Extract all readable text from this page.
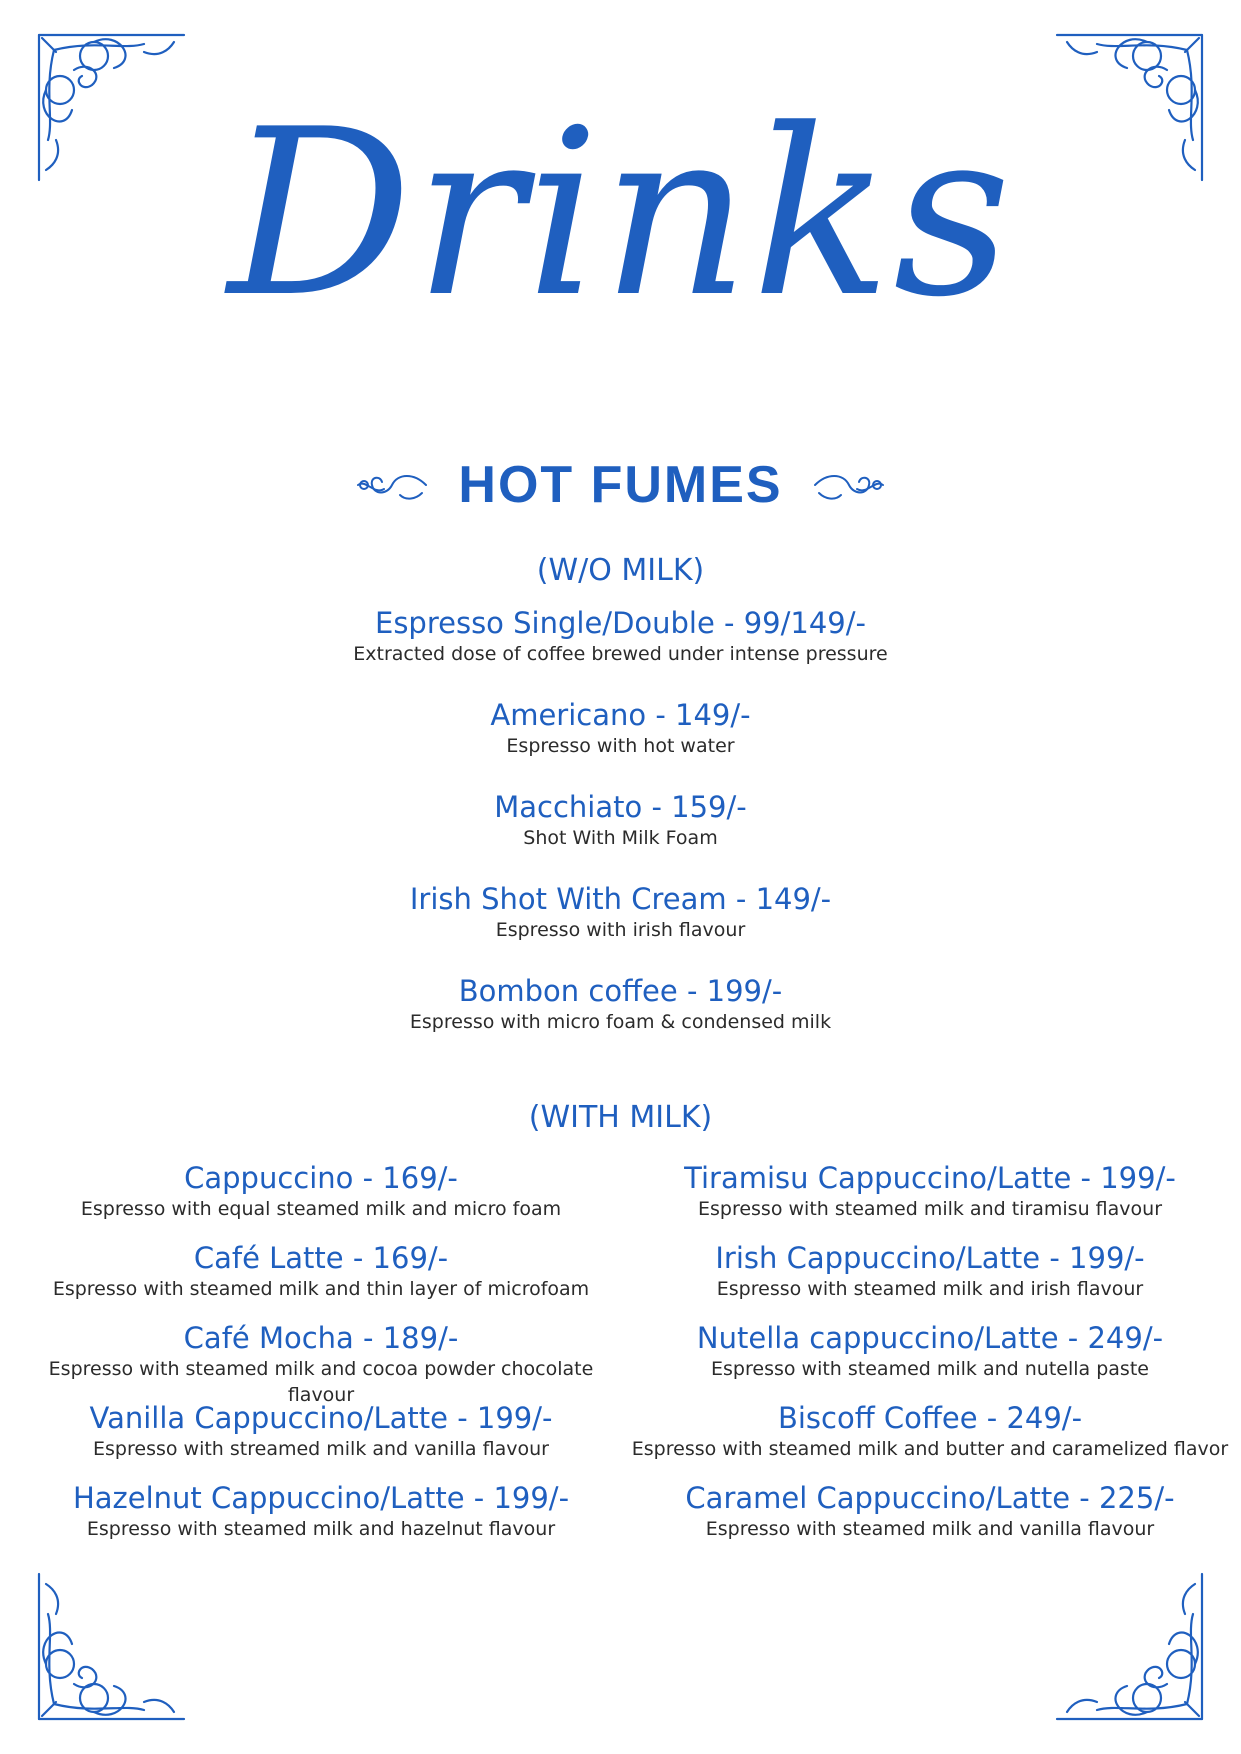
Drinks
HOT FUMES
(W/O MILK)
Espresso Single/Double - 99/149/-
Extracted dose of coffee brewed under intense pressure
Americano - 149/-
Espresso with hot water
Macchiato - 159/-
Shot With Milk Foam
Irish Shot With Cream - 149/-
Espresso with irish flavour
Bombon coffee - 199/-
Espresso with micro foam & condensed milk
(WITH MILK)
Cappuccino - 169/-
Espresso with equal steamed milk and micro foam
Café Latte - 169/-
Espresso with steamed milk and thin layer of microfoam
Café Mocha - 189/-
Espresso with steamed milk and cocoa powder chocolate flavour
Vanilla Cappuccino/Latte - 199/-
Espresso with streamed milk and vanilla flavour
Hazelnut Cappuccino/Latte - 199/-
Espresso with steamed milk and hazelnut flavour
Tiramisu Cappuccino/Latte - 199/-
Espresso with steamed milk and tiramisu flavour
Irish Cappuccino/Latte - 199/-
Espresso with steamed milk and irish flavour
Nutella cappuccino/Latte - 249/-
Espresso with steamed milk and nutella paste
Biscoff Coffee - 249/-
Espresso with steamed milk and butter and caramelized flavor
Caramel Cappuccino/Latte - 225/-
Espresso with steamed milk and vanilla flavour
